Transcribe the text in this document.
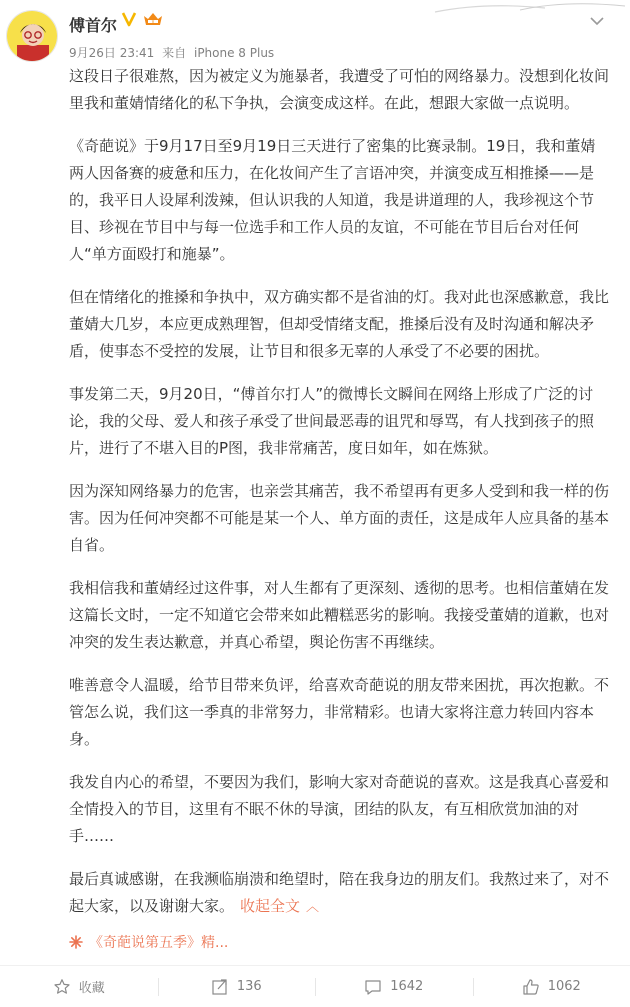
傅首尔	V
9月26日 23:41 来自 iPhone 8 Plus

这段日子很难熬，因为被定义为施暴者，我遭受了可怕的网络暴力。没想到化妆间里我和董婧情绪化的私下争执，会演变成这样。在此，想跟大家做一点说明。

《奇葩说》于9月17日至9月19日三天进行了密集的比赛录制。19日，我和董婧两人因备赛的疲惫和压力，在化妆间产生了言语冲突，并演变成互相推搡——是的，我平日人设犀利泼辣，但认识我的人知道，我是讲道理的人，我珍视这个节目、珍视在节目中与每一位选手和工作人员的友谊，不可能在节目后台对任何人“单方面殴打和施暴”。

但在情绪化的推搡和争执中，双方确实都不是省油的灯。我对此也深感歉意，我比董婧大几岁，本应更成熟理智，但却受情绪支配，推搡后没有及时沟通和解决矛盾，使事态不受控的发展，让节目和很多无辜的人承受了不必要的困扰。

事发第二天，9月20日，“傅首尔打人”的微博长文瞬间在网络上形成了广泛的讨论，我的父母、爱人和孩子承受了世间最恶毒的诅咒和辱骂，有人找到孩子的照片，进行了不堪入目的P图，我非常痛苦，度日如年，如在炼狱。

因为深知网络暴力的危害，也亲尝其痛苦，我不希望再有更多人受到和我一样的伤害。因为任何冲突都不可能是某一个人、单方面的责任，这是成年人应具备的基本自省。

我相信我和董婧经过这件事，对人生都有了更深刻、透彻的思考。也相信董婧在发这篇长文时，一定不知道它会带来如此糟糕恶劣的影响。我接受董婧的道歉，也对冲突的发生表达歉意，并真心希望，舆论伤害不再继续。

唯善意令人温暖，给节目带来负评，给喜欢奇葩说的朋友带来困扰，再次抱歉。不管怎么说，我们这一季真的非常努力，非常精彩。也请大家将注意力转回内容本身。

我发自内心的希望，不要因为我们，影响大家对奇葩说的喜欢。这是我真心喜爱和全情投入的节目，这里有不眠不休的导演，团结的队友，有互相欣赏加油的对手……

最后真诚感谢，在我濒临崩溃和绝望时，陪在我身边的朋友们。我熬过来了，对不起大家，以及谢谢大家。 收起全文 ︿

《奇葩说第五季》精...
收藏	136	1642	1062
